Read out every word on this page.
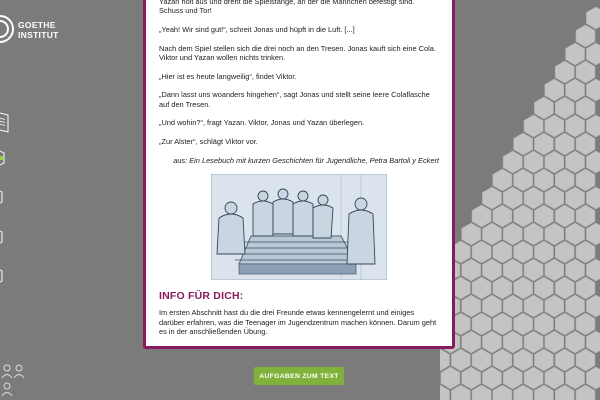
GOETHE
INSTITUT

Yazan holt aus und dreht die Spielstange, an der die Männchen befestigt sind. Schuss und Tor!

„Yeah! Wir sind gut!“, schreit Jonas und hüpft in die Luft. [...]

Nach dem Spiel stellen sich die drei noch an den Tresen. Jonas kauft sich eine Cola. Viktor und Yazan wollen nichts trinken.

„Hier ist es heute langweilig“, findet Viktor.

„Dann lasst uns woanders hingehen“, sagt Jonas und stellt seine leere Colaflasche auf den Tresen.

„Und wohin?“, fragt Yazan. Viktor, Jonas und Yazan überlegen.

„Zur Alster“, schlägt Viktor vor.

aus: Ein Lesebuch mit kurzen Geschichten für Jugendliche, Petra Bartoli y Eckert
INFO FÜR DICH:

Im ersten Abschnitt hast du die drei Freunde etwas kennengelernt und einiges darüber erfahren, was die Teenager im Jugendzentrum machen können. Darum geht es in der anschließenden Übung.

AUFGABEN ZUM TEXT
